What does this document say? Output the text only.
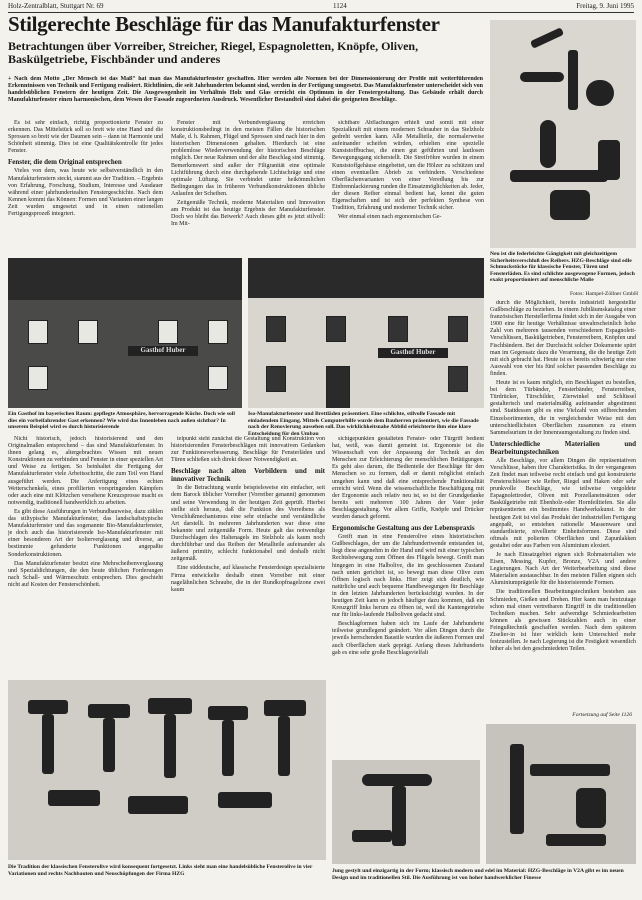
Holz-Zentralblatt, Stuttgart Nr. 69	1124	Freitag, 9. Juni 1995
Stilgerechte Beschläge für das Manufakturfenster
Betrachtungen über Vorreiber, Streicher, Riegel, Espagnoletten, Knöpfe, Oliven, Baskülgetriebe, Fischbänder und anderes

+ Nach dem Motto „Der Mensch ist das Maß“ hat man das Manufakturfenster geschaffen. Hier werden alle Normen bei der Dimensionierung der Profile mit weiterführenden Erkenntnissen von Technik und Fertigung realisiert. Richtlinien, die seit Jahrhunderten bekannt sind, werden in der Fertigung umgesetzt. Das Manufakturfenster unterscheidet sich von handelsüblichen Fenstern der heutigen Zeit. Die Ausgewogenheit im Verhältnis Holz und Glas erreicht ein Optimum in der Fenstergestaltung. Das Gebäude erhält durch Manufakturfenster einen harmonischen, dem Wesen der Fassade zugeordneten Ausdruck. Wesentlicher Bestandteil sind dabei die geeigneten Beschläge.

Es ist sehr einfach, richtig proportionierte Fenster zu erkennen. Das Mittelstück soll so breit wie eine Hand und die Sprossen so breit wie der Daumen sein – dann ist Harmonie und Schönheit stimmig. Dies ist eine Qualitätskontrolle für jedes Fenster.

Fenster, die dem Original entsprechen

Vieles von dem, was heute wie selbstverständlich in den Manufakturfenstern steckt, stammt aus der Tradition. – Ergebnis von Erfahrung, Forschung, Studium, Interesse und Ausdauer während einer jahrhundertealten Fenstergeschichte. Nach dem Kennen kommt das Können: Formen und Varianten einer langen Zeit wurden umgesetzt und in einen rationellen Fertigungsprozeß integriert.

Fenster mit Verbundverglasung erreichen konstruktionsbedingt in den meisten Fällen die historischen Maße, d. h. Rahmen, Flügel und Sprossen sind nach hier in den historischen Dimensionen gehalten. Hierdurch ist eine problemlose Wiederverwendung der historischen Beschläge möglich. Der neue Rahmen und der alte Beschlag sind stimmig. Bemerkenswert sind außer der Filigranität eine optimale Lichtführung durch eine durchgehende Lichtschräge und eine optimale Lüftung. Sie verbindet unter heikömmlichen Bedingungen das in früheren Verbundkonstruktionen übliche Anlaufen der Scheiben.

Zeitgemäße Technik, moderne Materialien und Innovation am Produkt ist das heutige Ergebnis der Manufakturfenster. Doch wo bleibt das Beiwerk? Auch dieses gibt es jetzt stilvoll: Im Mit-

sichtbare Abflachungen erhielt und somit mit einer Spezialkraft mit einem modernen Schrauber in das Stelzholz gedreht werden kann. Alle Metallteile, die normalerweise aufeinander scheifen würden, erhielten eine spezielle Kunststoffbuchse, die einen gut geführten und lautlosen Bewegungsgang sicherstellt. Die Streifröhre wurden in einem Kunststoffgehäuse eingebettet, um die Hölzer zu schützen und einen eventuellen Abrieb zu verhindern. Verschiedene Oberflächenvarianten von einer Veredlung bis zur Einbrennlackierung runden die Einsatzmöglichkeiten ab. Jeder, der diesen Reiber einmal bedient hat, kennt die guten Eigenschaften und ist sich der perfekten Synthese von Tradition, Erfahrung und moderner Technik sicher.

Wer einmal einen nach ergonomischen Ge-

Neu ist die federleichte Gängigkeit mit gleichzeitigem Sicherheitsverschluß des Reibers. HZG-Beschläge sind edle Schmuckstücke für klassische Fenster, Türen und Fensterläden. Es sind schlichte ausgewogene Formen, jedoch exakt proportioniert auf menschliche Maße
Fotos: Hampel-Zöllner GmbH
Gasthof Huber	Gasthof Huber
Ein Gasthof im bayerischen Raum: gepflegte Atmosphäre, hervorragende Küche. Doch wie soll dies ein vorbeifahrender Gast erkennen? Wie wird das Innenleben nach außen sichtbar? In unserem Beispiel wird es durch historisierende
Iso-Manufakturfenster und Brettläden präsentiert. Eine schlichte, stilvolle Fassade mit einladendem Eingang. Mittels Computerhilfe wurde dem Bauherren präsentiert, wie die Fassade nach der Renovierung aussehen soll. Das wirklichkeitsnahe Abbild erleichterte ihm eine klare Entscheidung für den Umbau

durch die Möglichkeit, bereits industriell hergestellte Gußbeschläge zu beziehen. In einem Jubiläumskatalog einer französischen Herstellerfirma findet sich in der Ausgabe von 1900 eine für heutige Verhältnisse unwahrscheinlich hohe Zahl von mehreren tausenden verschiedenen Espagnolett-Verschlüssen, Baskülgetrieben, Fensterreibern, Knöpfen und Fischbändern. Bei der Durchsicht solcher Dokumente spürt man im Gegensatz dazu die Verarmung, die die heutige Zeit mit sich gebracht hat. Heute ist es bereits schwierig nur eine Auswahl von vier bis fünf solcher passenden Beschläge zu finden.

Heute ist es kaum möglich, ein Beschlagset zu bestellen, bei dem Türbänder, Fensterbänder, Fensterreiben, Türdrücker, Türschilder, Zierwinkel und Schlüssel gestalterisch und materialmäßig aufeinander abgestimmt sind. Stattdessen gibt es eine Vielzahl von stilbrechenden Einzelsortimenten, die in vergleichender Weise mit den unterschiedlichsten Oberflächen zusammen zu einem Sammelsurium in der Innenraumgestaltung zu finden sind.

Unterschiedliche Materialien und Bearbeitungstechniken

Alle Beschläge, vor allem Dingen die repräsentativen Verschlüsse, haben ihre Charakteristika. In der vergangenen Zeit findet man teilweise recht einfach und gut konstruierte Fensterschlösser wie Reiber, Riegel und Haken oder sehr prunkvolle Beschläge, wie teilweise vergoldete Espagnolettroder, Oliven mit Porzellaneinsätzen oder Baskülgetriebe mit Ebenholz-oder Hornfeiltiefen. Sie alle repräsentierten ein bestimmtes Handwerkskunst. In der heutigen Zeit ist viel das Produkt der industriellen Fertigung angepaßt, so entstehen rationelle Massenware und standardisierte, nivellierte Einheitsformen. Diese sind oftmals mit polierten Oberflächen und Zapunlakken gestaltet oder aus Farben von Aluminium eloxiert.

Je nach Einsatzgebiet eignen sich Rohmaterialien wie Eisen, Messing, Kupfer, Bronze, V2A und andere Legierungen. Nach Art der Weiterbearbeitung sind diese Materialien austauschbar. In den meisten Fällen eignen sich Aluminiumprägteile für die historisierende Formen.

Die traditionellen Bearbeitungstechniken bestehen aus Schmieden, Gießen und Drehen. Hier kann man heutzutage schon mal einen vertretbaren Eingriff in die traditionellen Techniken machen. Sehr aufwendige Schmiedearbeiten können als gewissen Stückzahlen auch in einer Feingußtechnik geschaffen werden. Nach dem späteren Ziselier-in ist hier wirklich kein Unterschied mehr festzustellen. Je nach Legierung ist die Festigkeit wesentlich höher als bei den geschmiedeten Teilen.

Fortsetzung auf Seite 1126

Nicht historisch, jedoch historisierend und den Originalmaßen entsprechend – das sind Manufakturfenster. In ihnen gelang es, altergebrachtes Wissen mit neuen Konstruktionen zu verbinden und Fenster in einer speziellen Art und Weise zu fertigen. So beinhaltet die Fertigung der Manufakturfenster viele Arbeitsschritte, die zum Teil von Hand ausgeführt werden. Die Anfertigung eines echten Wetterschenkels, eines profilierten vorspringenden Kämpfers oder auch eine mit Klötzchen versehene Kreuzsprosse macht es notwendig, traditionell handwerklich zu arbeiten.

Es gibt diese Ausführungen in Verbundbauweise, dazu zählen das stiltypische Manufakturfenster, das landschaftstypische Manufakturfenster und das sogenannte Bio-Manufakturfenster, je doch auch das historisierende Iso-Manufakturfenster mit einer besonderen Art der Isolierverglasung und diverse, an bestimmte gefunderte Funktionen angepaßte Sonderkonstruktionen.

Das Manufakturfenster besitzt eine Mehrscheibenverglasung und Spezialdichtungen, die den heute üblichen Forderungen nach Schall- und Wärmeschutz entsprechen. Dies geschieht nicht auf Kosten der Fensterschönheit.

telpunkt steht zunächst die Gestaltung und Konstruktion von historisierenden Fensterbeschlägen mit innovativen Gedanken zur Funktionsverbesserung. Beschläge für Fensterläden und Türen schließen sich direkt dieser Notwendigkeit an.

Beschläge nach alten Vorbildern und mit innovativer Technik

In die Betrachtung wurde beispielsweise ein einfacher, seit dem Barock üblicher Vorreiber (Vorreiber genannt) genommen und seine Verwendung in der heutigen Zeit geprüft. Hierbei stellte sich heraus, daß die Funktion des Vorreibens als Verschlußmechanismus eine sehr einfache und verständliche Art darstellt. In mehreren Jahrhunderten war diese eine bekannte und zeitgemäße Form. Heute galt das notwendige Durchschlagen des Haltenagels im Stelzholz als kaum noch durchführbar und das Reiben der Metallteile aufeinander als äußerst primitiv, schlecht funktionabel und deshalb nicht zeitgemäß.

Eine süddeutsche, auf klassische Fensterdesign spezialisierte Firma entwickelte deshalb einen Vorreiber mit einer nagelähnlichen Schraube, die in der Rundkopfnagelzone zwei kaum

sichtgepunkten gestalteten Fenster- oder Türgriff bedient hat, weiß, was damit gemeint ist. Ergonomie ist die Wissenschaft von der Anpassung der Technik an den Menschen zur Erleichterung der menschlichen Betätigungen. Es geht also darum, die Bedienteile der Beschläge für den Menschen so zu formen, daß er damit möglichst einfach umgehen kann und daß eine entsprechende Funktionalität erreicht wird. Wenn die wissenschaftliche Beschäftigung mit der Ergonomie auch relativ neu ist, so ist der Grundgedanke bereits seit mehreren 100 Jahren der Vater jeder Beschlaggestaltung. Vor allem Griffe, Knöpfe und Drücker wurden danach geformt.

Ergonomische Gestaltung aus der Lebenspraxis

Greift man in eine Fensterolive eines historistischen Gußbeschlages, der um die Jahrhundertwende entstanden ist, liegt diese angenehm in der Hand und wird mit einer typischen Rechtsbewegung zum Öffnen des Flügels bewegt. Greift man hingegen in eine Halbolive, die im geschlossenen Zustand nach unten gerichtet ist, so bewegt man diese Olive zum Öffnen logisch nach links. Hier zeigt sich deutlich, wie natürliche und auch bequeme Handbewegungen für Beschläge in den letzten Jahrhunderten berücksichtigt wurden. In der heutigen Zeit kann es jedoch häufiger dazu kommen, daß ein Kreuzgriff links herum zu öffnen ist, weil die Kantengetriebe nur für links-laufende Halboliven gedacht sind.

Beschlagformen haben sich im Laufe der Jahrhunderte teilweise grundlegend geändert. Vor allen Dingen durch die jeweils herrschenden Baustile wurden die äußeren Formen und auch Oberflächen stark geprägt. Anfang dieses Jahrhunderts gab es eine sehr große Beschlagsvielfalt

Die Tradition der klassischen Fensterolive wird konsequent fortgesetzt. Links sieht man eine handelsübliche Fensterolive in vier Variationen und rechts Nachbauten und Neuschöpfungen der Firma HZG	Jung gestylt und einzigartig in der Form; klassisch modern und edel im Material: HZG-Beschläge in V2A gibt es im neuen Design und im traditionellen Stil. Die Ausführung ist von hoher handwerklicher Finesse
